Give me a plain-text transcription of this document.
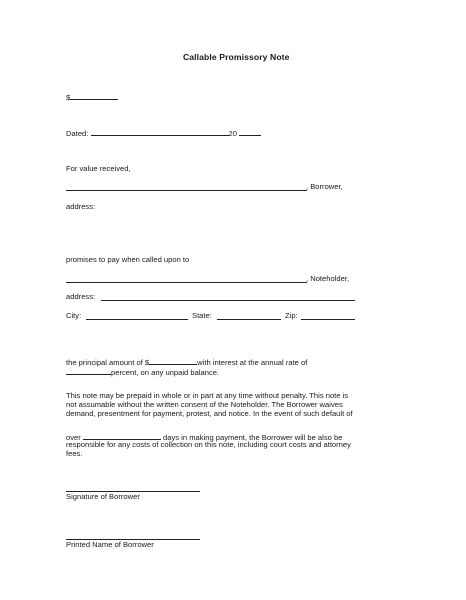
Callable Promissory Note
$
Dated:	20
For value received,
, Borrower,
address:
promises to pay when called upon to
, Noteholder,
address:
City:	State:	Zip:
the principal amount of $	with interest at the annual rate of
percent, on any unpaid balance.
This note may be prepaid in whole or in part at any time without penalty. This note is
not assumable without the written consent of the Noteholder. The Borrower waives
demand, presentment for payment, protest, and notice. In the event of such default of
over	days in making payment, the Borrower will be also be
responsible for any costs of collection on this note, including court costs and attorney
fees.
Signature of Borrower
Printed Name of Borrower
